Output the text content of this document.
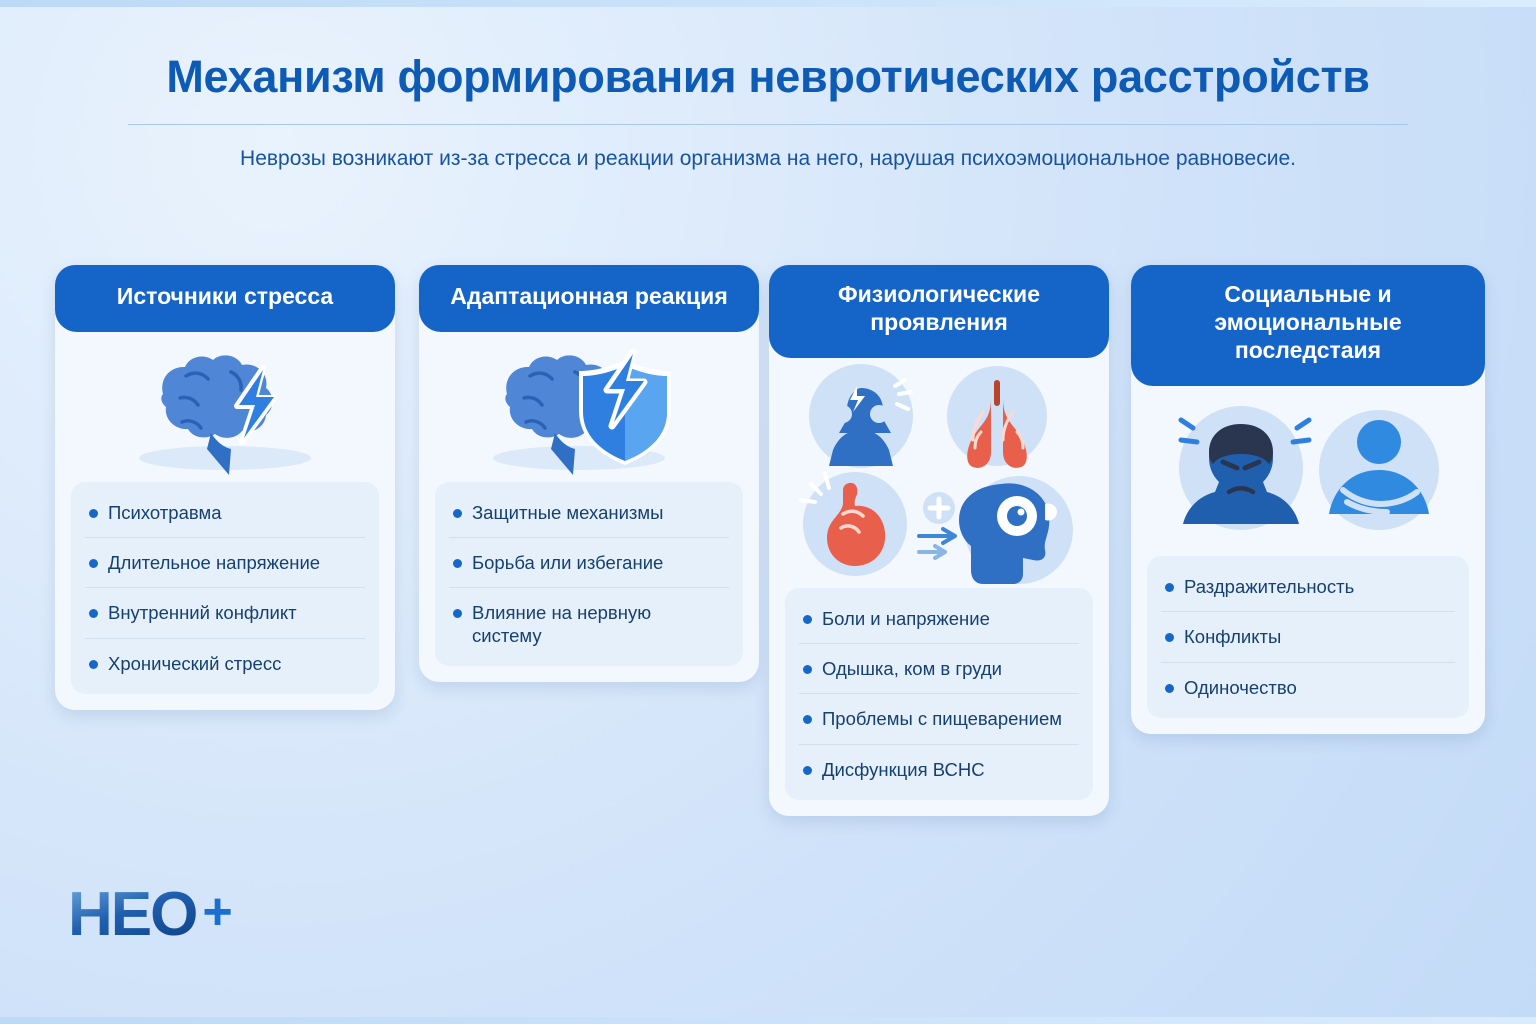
Механизм формирования невротических расстройств
Неврозы возникают из-за стресса и реакции организма на него, нарушая психоэмоциональное равновесие.
Источники стресса
Психотравма
Длительное напряжение
Внутренний конфликт
Хронический стресс
Адаптационная реакция
Защитные механизмы
Борьба или избегание
Влияние на нервную систему
Физиологические проявления
Боли и напряжение
Одышка, ком в груди
Проблемы с пищеварением
Дисфункция ВСНС
Социальные и эмоциональные последстаия
Раздражительность
Конфликты
Одиночество
HEO +
